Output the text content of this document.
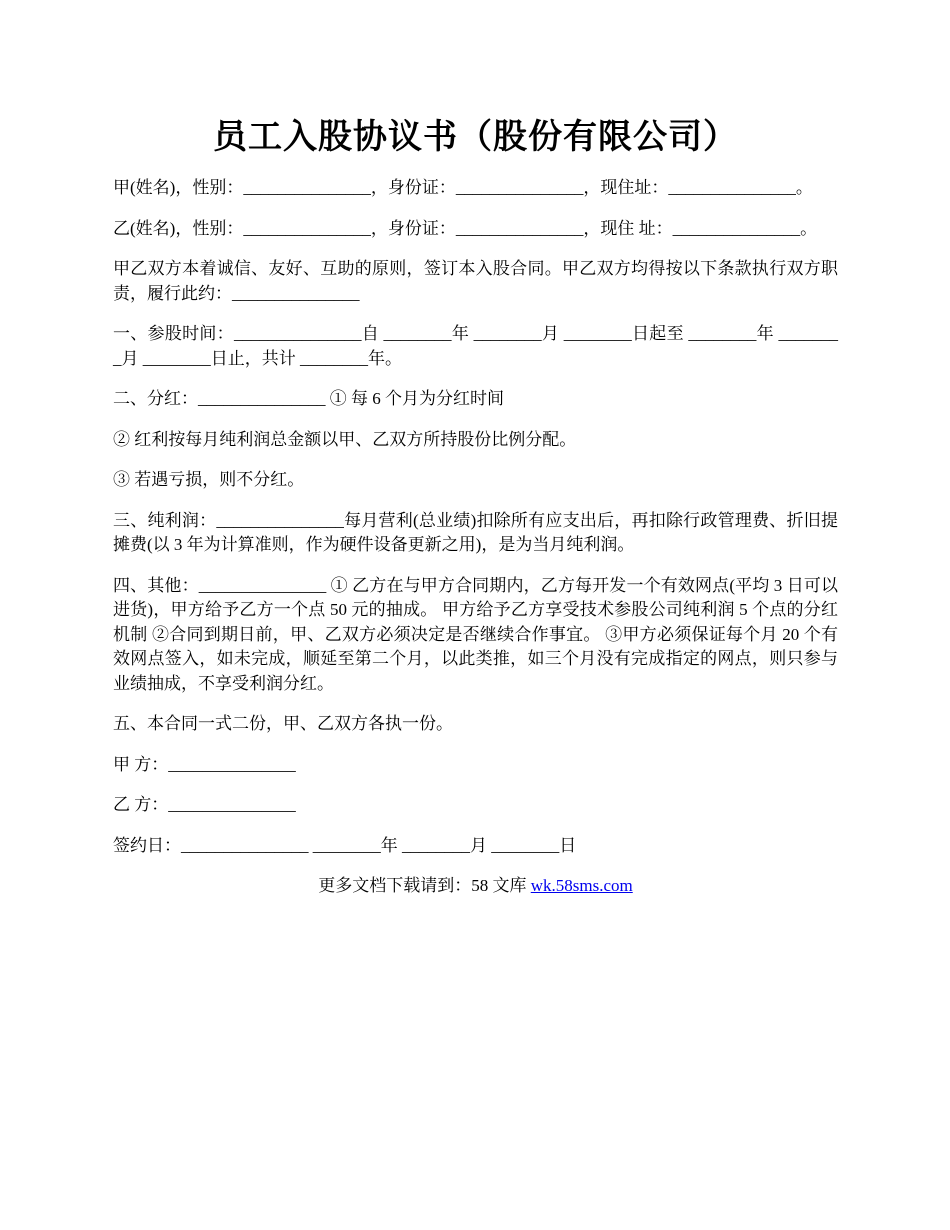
员工入股协议书（股份有限公司）

甲(姓名)，性别：_______________，身份证：_______________，现住址：_______________。

乙(姓名)，性别：_______________，身份证：_______________，现住 址：_______________。

甲乙双方本着诚信、友好、互助的原则，签订本入股合同。甲乙双方均得按以下条款执行双方职责，履行此约：_______________

一、参股时间：_______________自 ________年 ________月 ________日起至 ________年 ________月 ________日止，共计 ________年。

二、分红：_______________ ① 每 6 个月为分红时间

② 红利按每月纯利润总金额以甲、乙双方所持股份比例分配。

③ 若遇亏损，则不分红。

三、纯利润：_______________每月营利(总业绩)扣除所有应支出后，再扣除行政管理费、折旧提摊费(以 3 年为计算准则，作为硬件设备更新之用)，是为当月纯利润。

四、其他：_______________ ① 乙方在与甲方合同期内，乙方每开发一个有效网点(平均 3 日可以进货)，甲方给予乙方一个点 50 元的抽成。 甲方给予乙方享受技术参股公司纯利润 5 个点的分红机制 ②合同到期日前，甲、乙双方必须决定是否继续合作事宜。 ③甲方必须保证每个月 20 个有效网点签入，如未完成，顺延至第二个月，以此类推，如三个月没有完成指定的网点，则只参与业绩抽成，不享受利润分红。

五、本合同一式二份，甲、乙双方各执一份。

甲 方：_______________

乙 方：_______________

签约日：_______________ ________年 ________月 ________日

更多文档下载请到：58 文库 wk.58sms.com
